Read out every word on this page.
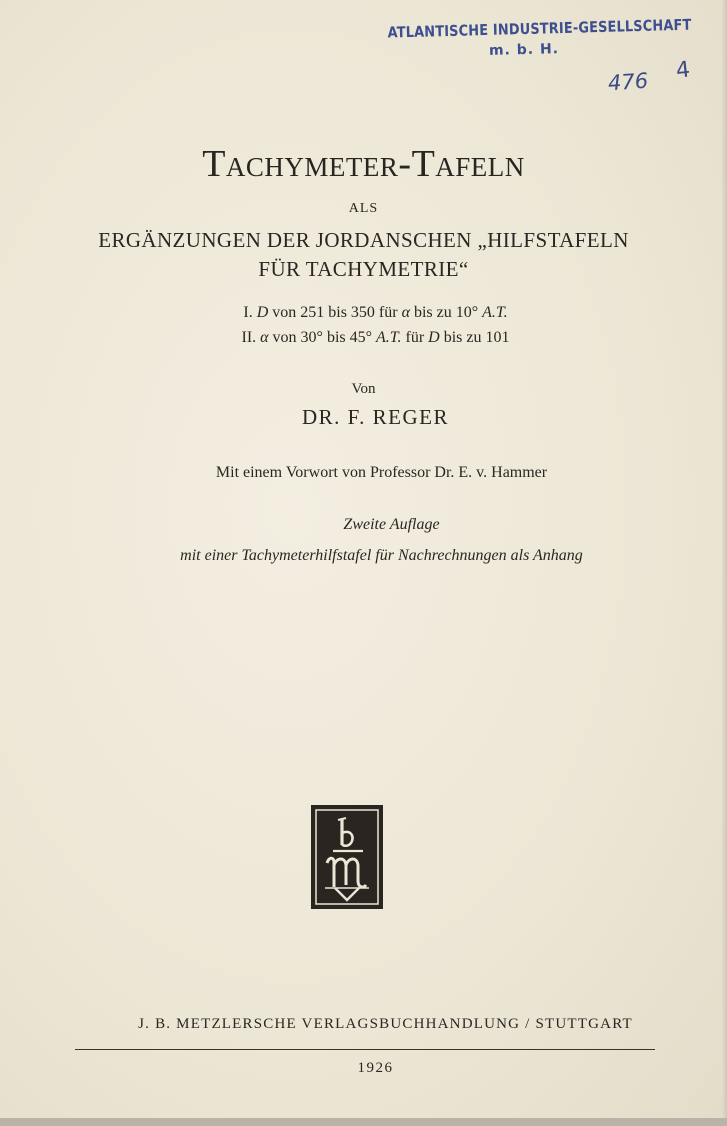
ATLANTISCHE INDUSTRIE-GESELLSCHAFT
m. b. H.
476 4
Tachymeter-Tafeln
ALS
ERGÄNZUNGEN DER JORDANSCHEN „HILFSTAFELN
FÜR TACHYMETRIE“
I. D von 251 bis 350 für α bis zu 10° A.T.
II. α von 30° bis 45° A.T. für D bis zu 101
Von
DR. F. REGER
Mit einem Vorwort von Professor Dr. E. v. Hammer
Zweite Auflage
mit einer Tachymeterhilfstafel für Nachrechnungen als Anhang
J. B. METZLERSCHE VERLAGSBUCHHANDLUNG / STUTTGART
1926
